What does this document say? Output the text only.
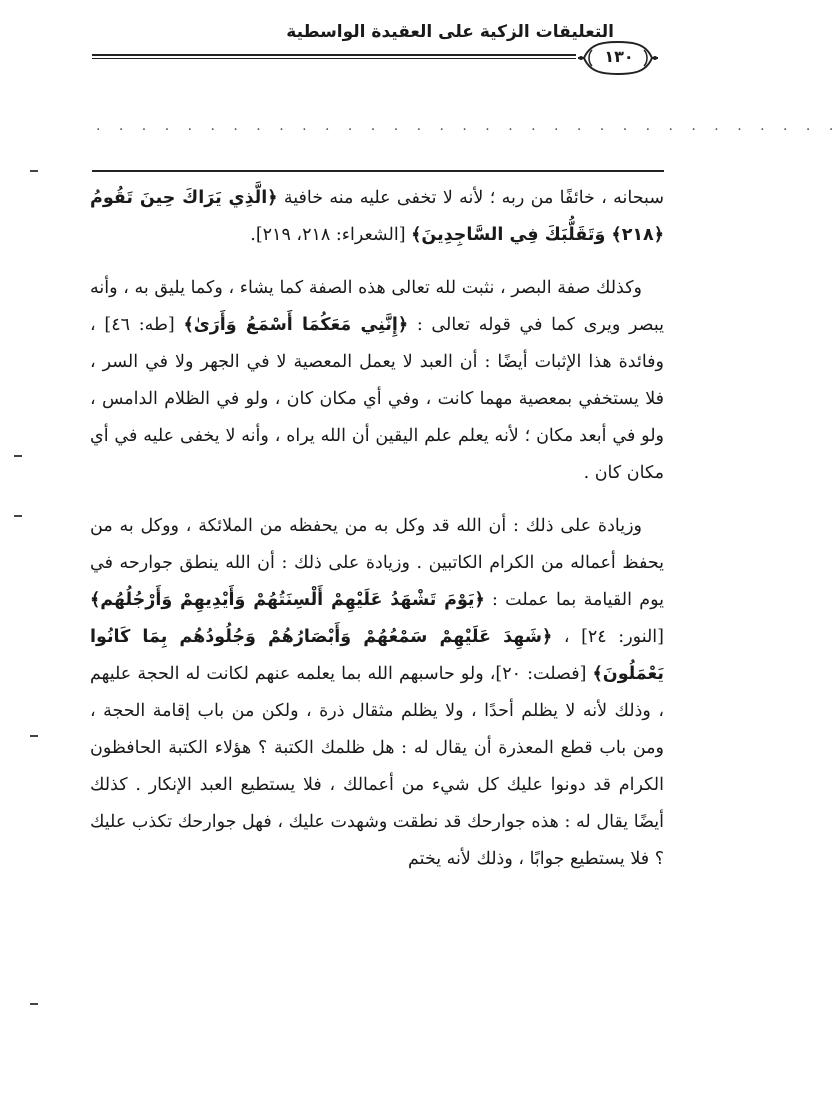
التعليقات الزكية على العقيدة الواسطية
١٣٠
. . . . . . . . . . . . . . . . . . . . . . . . . . . . . . . . .

سبحانه ، خائفًا من ربه ؛ لأنه لا تخفى عليه منه خافية ﴿الَّذِي يَرَاكَ حِينَ تَقُومُ ﴿٢١٨﴾ وَتَقَلُّبَكَ فِي السَّاجِدِينَ﴾ [الشعراء: ٢١٨، ٢١٩].

وكذلك صفة البصر ، نثبت لله تعالى هذه الصفة كما يشاء ، وكما يليق به ، وأنه يبصر ويرى كما في قوله تعالى : ﴿إِنَّنِي مَعَكُمَا أَسْمَعُ وَأَرَىٰ﴾ [طه: ٤٦] ، وفائدة هذا الإثبات أيضًا : أن العبد لا يعمل المعصية لا في الجهر ولا في السر ، فلا يستخفي بمعصية مهما كانت ، وفي أي مكان كان ، ولو في الظلام الدامس ، ولو في أبعد مكان ؛ لأنه يعلم علم اليقين أن الله يراه ، وأنه لا يخفى عليه في أي مكان كان .

وزيادة على ذلك : أن الله قد وكل به من يحفظه من الملائكة ، ووكل به من يحفظ أعماله من الكرام الكاتبين . وزيادة على ذلك : أن الله ينطق جوارحه في يوم القيامة بما عملت : ﴿يَوْمَ تَشْهَدُ عَلَيْهِمْ أَلْسِنَتُهُمْ وَأَيْدِيهِمْ وَأَرْجُلُهُم﴾ [النور: ٢٤] ، ﴿شَهِدَ عَلَيْهِمْ سَمْعُهُمْ وَأَبْصَارُهُمْ وَجُلُودُهُم بِمَا كَانُوا يَعْمَلُونَ﴾ [فصلت: ٢٠]، ولو حاسبهم الله بما يعلمه عنهم لكانت له الحجة عليهم ، وذلك لأنه لا يظلم أحدًا ، ولا يظلم مثقال ذرة ، ولكن من باب إقامة الحجة ، ومن باب قطع المعذرة أن يقال له : هل ظلمك الكتبة ؟ هؤلاء الكتبة الحافظون الكرام قد دونوا عليك كل شيء من أعمالك ، فلا يستطيع العبد الإنكار . كذلك أيضًا يقال له : هذه جوارحك قد نطقت وشهدت عليك ، فهل جوارحك تكذب عليك ؟ فلا يستطيع جوابًا ، وذلك لأنه يختم
